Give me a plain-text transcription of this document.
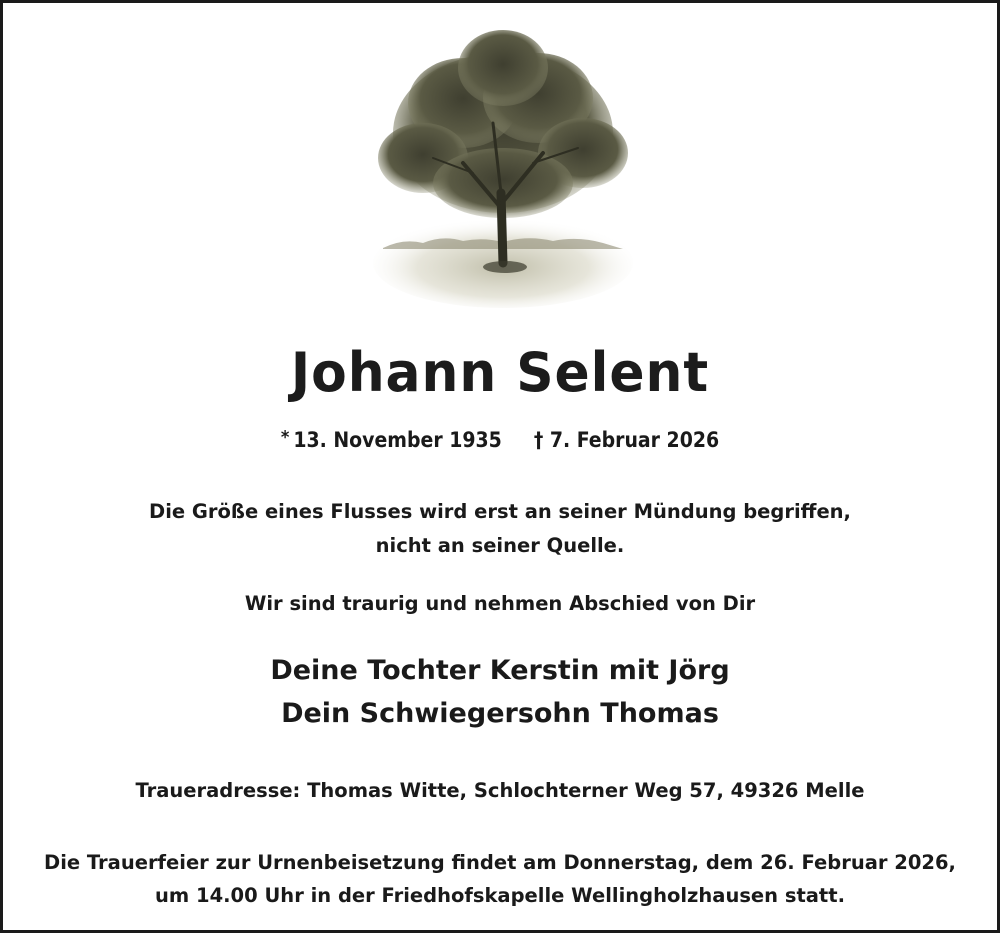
Johann Selent
* 13. November 1935 † 7. Februar 2026
Die Größe eines Flusses wird erst an seiner Mündung begriffen,
nicht an seiner Quelle.
Wir sind traurig und nehmen Abschied von Dir
Deine Tochter Kerstin mit Jörg
Dein Schwiegersohn Thomas
Traueradresse: Thomas Witte, Schlochterner Weg 57, 49326 Melle
Die Trauerfeier zur Urnenbeisetzung findet am Donnerstag, dem 26. Februar 2026,
um 14.00 Uhr in der Friedhofskapelle Wellingholzhausen statt.
